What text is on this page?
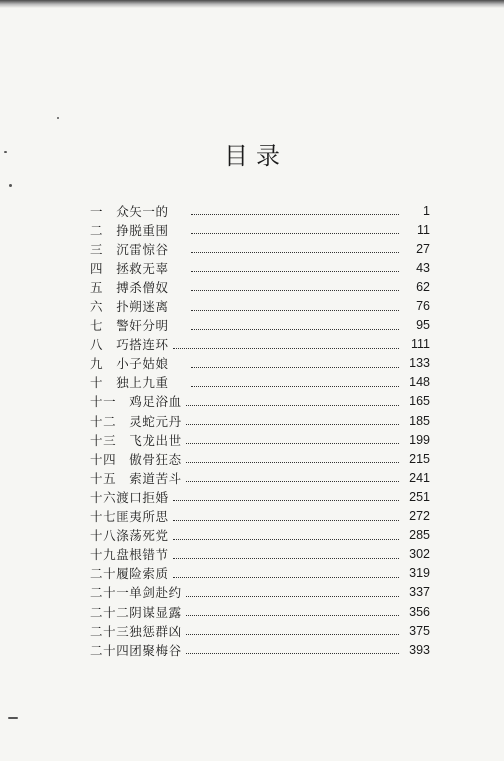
目录
一　众矢一的	1
二　挣脱重围	11
三　沉雷惊谷	27
四　拯救无辜	43
五　搏杀僧奴	62
六　扑朔迷离	76
七　警奸分明	95
八　巧搭连环	111
九　小子姑娘	133
十　独上九重	148
十一　鸡足浴血	165
十二　灵蛇元丹	185
十三　飞龙出世	199
十四　傲骨狂态	215
十五　索道苦斗	241
十六渡口拒婚	251
十七匪夷所思	272
十八涤荡死党	285
十九盘根错节	302
二十履险索质	319
二十一单剑赴约	337
二十二阴谋显露	356
二十三独惩群凶	375
二十四团聚梅谷	393
